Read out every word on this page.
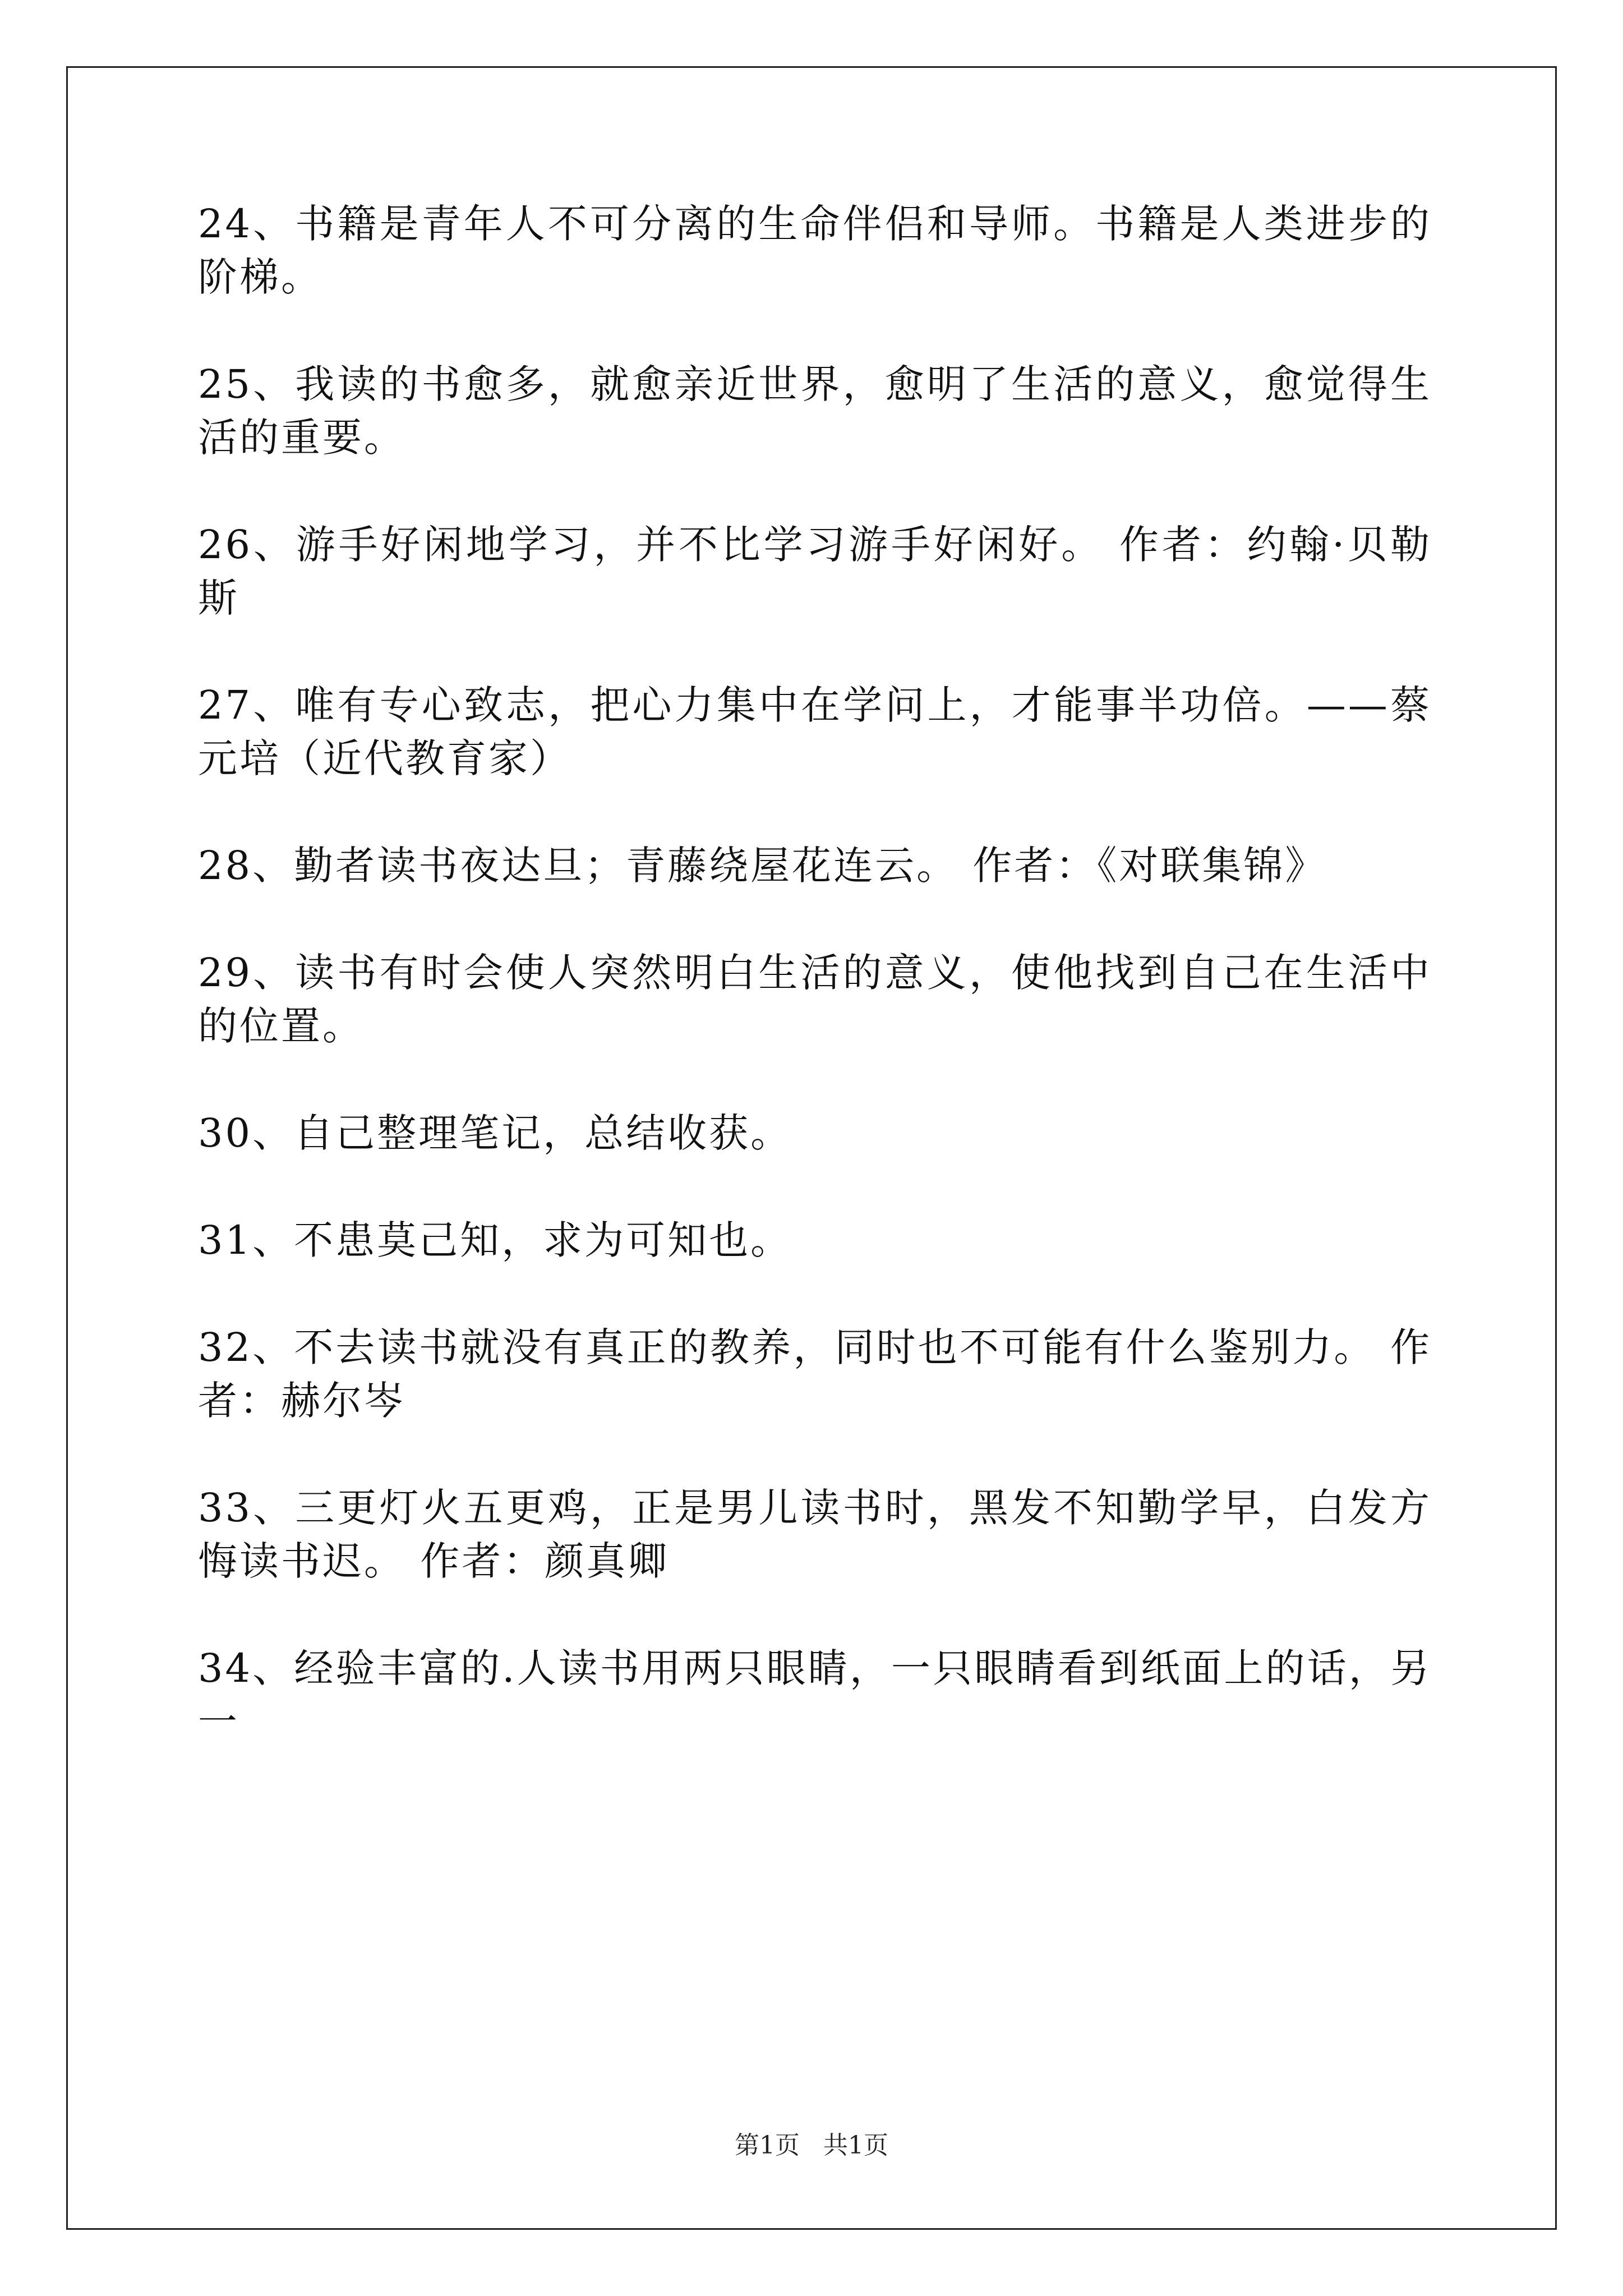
24、书籍是青年人不可分离的生命伴侣和导师。书籍是人类进步的阶梯。

25、我读的书愈多，就愈亲近世界，愈明了生活的意义，愈觉得生活的重要。

26、游手好闲地学习，并不比学习游手好闲好。 作者：约翰·贝勒斯

27、唯有专心致志，把心力集中在学问上，才能事半功倍。——蔡元培（近代教育家）

28、勤者读书夜达旦；青藤绕屋花连云。 作者：《对联集锦》

29、读书有时会使人突然明白生活的意义，使他找到自己在生活中的位置。

30、自己整理笔记，总结收获。

31、不患莫己知，求为可知也。

32、不去读书就没有真正的教养，同时也不可能有什么鉴别力。 作者：赫尔岑

33、三更灯火五更鸡，正是男儿读书时，黑发不知勤学早，白发方悔读书迟。 作者：颜真卿

34、经验丰富的.人读书用两只眼睛，一只眼睛看到纸面上的话，另一

第1页   共1页
